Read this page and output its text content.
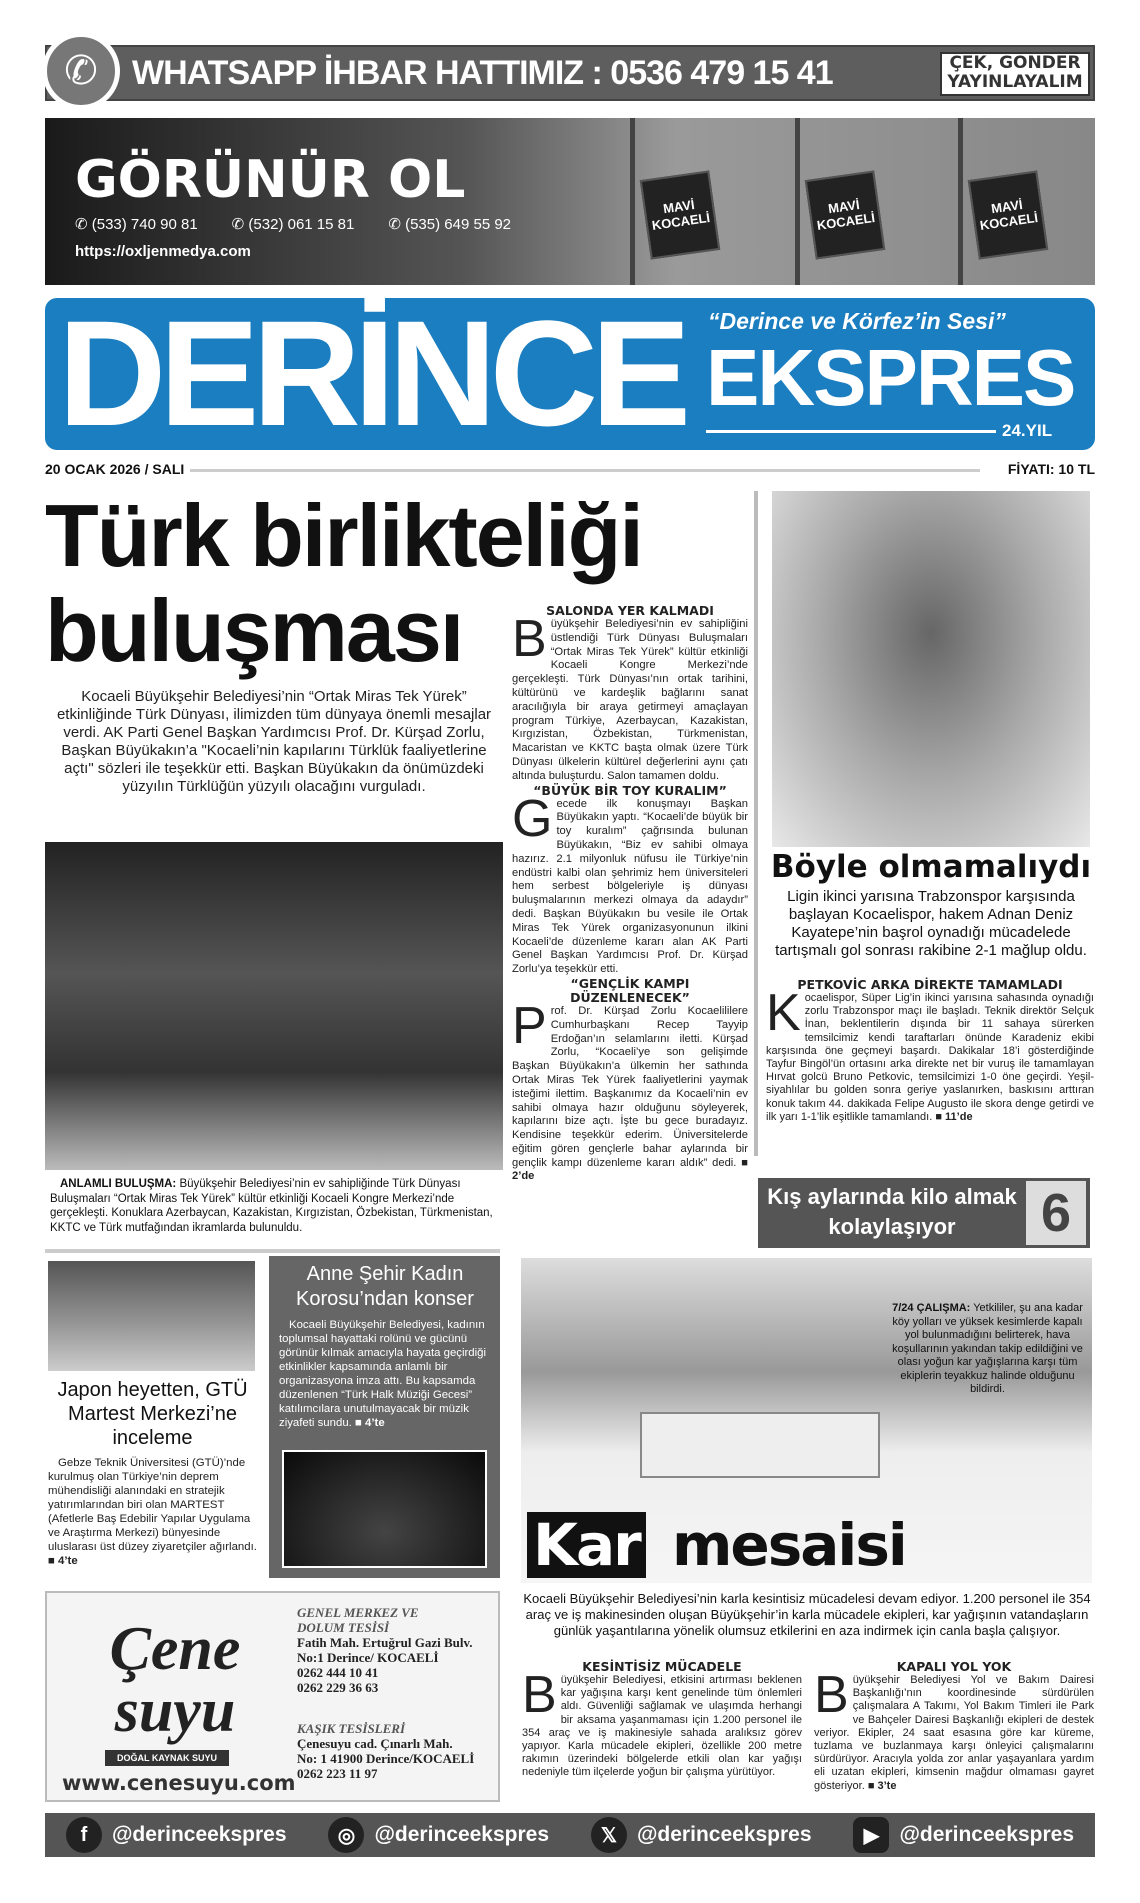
✆	WHATSAPP İHBAR HATTIMIZ : 0536 479 15 41	ÇEK, GÖNDER
YAYINLAYALIM
MAVİ KOCAELİ
MAVİ KOCAELİ
MAVİ KOCAELİ
GÖRÜNÜR OL
✆ (533) 740 90 81 ✆ (532) 061 15 81 ✆ (535) 649 55 92
https://oxljenmedya.com
DERİNCE “Derince ve Körfez’in Sesi”
EKSPRES
24.YIL
20 OCAK 2026 / SALI	FİYATI: 10 TL
Türk birlikteliği buluşması
Kocaeli Büyükşehir Belediyesi’nin “Ortak Miras Tek Yürek” etkinliğinde Türk Dünyası, ilimizden tüm dünyaya önemli mesajlar verdi. AK Parti Genel Başkan Yardımcısı Prof. Dr. Kürşad Zorlu, Başkan Büyükakın’a "Kocaeli’nin kapılarını Türklük faaliyetlerine açtı" sözleri ile teşekkür etti. Başkan Büyükakın da önümüzdeki yüzyılın Türklüğün yüzyılı olacağını vurguladı.
ANLAMLI BULUŞMA: Büyükşehir Belediyesi’nin ev sahipliğinde Türk Dünyası Buluşmaları “Ortak Miras Tek Yürek” kültür etkinliği Kocaeli Kongre Merkezi’nde gerçekleşti. Konuklara Azerbaycan, Kazakistan, Kırgızistan, Özbekistan, Türkmenistan, KKTC ve Türk mutfağından ikramlarda bulunuldu.
SALONDA YER KALMADI

Büyükşehir Belediyesi’nin ev sahipliğini üstlendiği Türk Dünyası Buluşmaları “Ortak Miras Tek Yürek” kültür etkinliği Kocaeli Kongre Merkezi’nde gerçekleşti. Türk Dünyası’nın ortak tarihini, kültürünü ve kardeşlik bağlarını sanat aracılığıyla bir araya getirmeyi amaçlayan program Türkiye, Azerbaycan, Kazakistan, Kırgızistan, Özbekistan, Türkmenistan, Macaristan ve KKTC başta olmak üzere Türk Dünyası ülkelerin kültürel değerlerini aynı çatı altında buluşturdu. Salon tamamen doldu.

“BÜYÜK BİR TOY KURALIM”

Gecede ilk konuşmayı Başkan Büyükakın yaptı. “Kocaeli’de büyük bir toy kuralım” çağrısında bulunan Büyükakın, “Biz ev sahibi olmaya hazırız. 2.1 milyonluk nüfusu ile Türkiye’nin endüstri kalbi olan şehrimiz hem üniversiteleri hem serbest bölgeleriyle iş dünyası buluşmalarının merkezi olmaya da adaydır” dedi. Başkan Büyükakın bu vesile ile Ortak Miras Tek Yürek organizasyonunun ilkini Kocaeli’de düzenleme kararı alan AK Parti Genel Başkan Yardımcısı Prof. Dr. Kürşad Zorlu’ya teşekkür etti.

“GENÇLİK KAMPI DÜZENLENECEK”

Prof. Dr. Kürşad Zorlu Kocaelililere Cumhurbaşkanı Recep Tayyip Erdoğan’ın selamlarını iletti. Kürşad Zorlu, “Kocaeli’ye son gelişimde Başkan Büyükakın’a ülkemin her sathında Ortak Miras Tek Yürek faaliyetlerini yaymak isteğimi ilettim. Başkanımız da Kocaeli’nin ev sahibi olmaya hazır olduğunu söyleyerek, kapılarını bize açtı. İşte bu gece buradayız. Kendisine teşekkür ederim. Üniversitelerde eğitim gören gençlerle bahar aylarında bir gençlik kampı düzenleme kararı aldık” dedi. ■ 2’de

Böyle olmamalıydı
Ligin ikinci yarısına Trabzonspor karşısında başlayan Kocaelispor, hakem Adnan Deniz Kayatepe’nin başrol oynadığı mücadelede tartışmalı gol sonrası rakibine 2-1 mağlup oldu.
PETKOVİC ARKA DİREKTE TAMAMLADI

Kocaelispor, Süper Lig’in ikinci yarısına sahasında oynadığı zorlu Trabzonspor maçı ile başladı. Teknik direktör Selçuk İnan, beklentilerin dışında bir 11 sahaya sürerken temsilcimiz kendi taraftarları önünde Karadeniz ekibi karşısında öne geçmeyi başardı. Dakikalar 18’i gösterdiğinde Tayfur Bingöl’ün ortasını arka direkte net bir vuruş ile tamamlayan Hırvat golcü Bruno Petkovic, temsilcimizi 1-0 öne geçirdi. Yeşil-siyahlılar bu golden sonra geriye yaslanırken, baskısını arttıran konuk takım 44. dakikada Felipe Augusto ile skora denge getirdi ve ilk yarı 1-1’lik eşitlikle tamamlandı. ■ 11’de

Kış aylarında kilo almak kolaylaşıyor	6
Japon heyetten, GTÜ Martest Merkezi’ne inceleme
Gebze Teknik Üniversitesi (GTÜ)’nde kurulmuş olan Türkiye’nin deprem mühendisliği alanındaki en stratejik yatırımlarından biri olan MARTEST (Afetlerle Baş Edebilir Yapılar Uygulama ve Araştırma Merkezi) bünyesinde uluslarası üst düzey ziyaretçiler ağırlandı. ■ 4’te
Anne Şehir Kadın Korosu’ndan konser
Kocaeli Büyükşehir Belediyesi, kadının toplumsal hayattaki rolünü ve gücünü görünür kılmak amacıyla hayata geçirdiği etkinlikler kapsamında anlamlı bir organizasyona imza attı. Bu kapsamda düzenlenen “Türk Halk Müziği Gecesi” katılımcılara unutulmayacak bir müzik ziyafeti sundu. ■ 4’te
7/24 ÇALIŞMA: Yetkililer, şu ana kadar köy yolları ve yüksek kesimlerde kapalı yol bulunmadığını belirterek, hava koşullarının yakından takip edildiğini ve olası yoğun kar yağışlarına karşı tüm ekiplerin teyakkuz halinde olduğunu bildirdi.
Kar mesaisi
Kocaeli Büyükşehir Belediyesi’nin karla kesintisiz mücadelesi devam ediyor. 1.200 personel ile 354 araç ve iş makinesinden oluşan Büyükşehir’in karla mücadele ekipleri, kar yağışının vatandaşların günlük yaşantılarına yönelik olumsuz etkilerini en aza indirmek için canla başla çalışıyor.
KESİNTİSİZ MÜCADELE

Büyükşehir Belediyesi, etkisini artırması beklenen kar yağışına karşı kent genelinde tüm önlemleri aldı. Güvenliği sağlamak ve ulaşımda herhangi bir aksama yaşanmaması için 1.200 personel ile 354 araç ve iş makinesiyle sahada aralıksız görev yapıyor. Karla mücadele ekipleri, özellikle 200 metre rakımın üzerindeki bölgelerde etkili olan kar yağışı nedeniyle tüm ilçelerde yoğun bir çalışma yürütüyor.

KAPALI YOL YOK

Büyükşehir Belediyesi Yol ve Bakım Dairesi Başkanlığı’nın koordinesinde sürdürülen çalışmalara A Takımı, Yol Bakım Timleri ile Park ve Bahçeler Dairesi Başkanlığı ekipleri de destek veriyor. Ekipler, 24 saat esasına göre kar küreme, tuzlama ve buzlanmaya karşı önleyici çalışmalarını sürdürüyor. Aracıyla yolda zor anlar yaşayanlara yardım eli uzatan ekipleri, kimsenin mağdur olmaması gayret gösteriyor. ■ 3’te

Çene suyu
DOĞAL KAYNAK SUYU
www.cenesuyu.com
GENEL MERKEZ VE DOLUM TESİSİ
Fatih Mah. Ertuğrul Gazi Bulv.
No:1 Derince/ KOCAELİ
0262 444 10 41
0262 229 36 63
KAŞIK TESİSLERİ
Çenesuyu cad. Çınarlı Mah.
No: 1 41900 Derince/KOCAELİ
0262 223 11 97
f	@derinceekspres	◎ @derinceekspres	𝕏 @derinceekspres	▶ @derinceekspres
